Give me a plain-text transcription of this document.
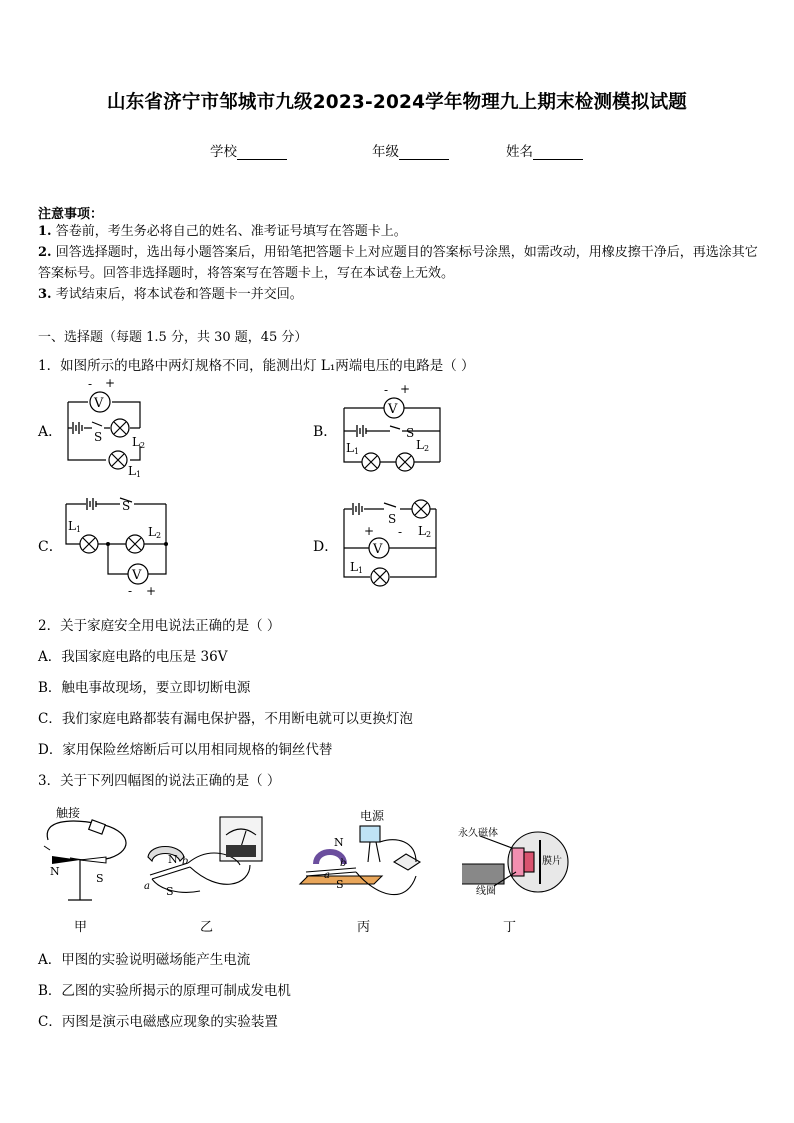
山东省济宁市邹城市九级2023-2024学年物理九上期末检测模拟试题
学校	年级	姓名
注意事项：
1. 答卷前，考生务必将自己的姓名、准考证号填写在答题卡上。
2. 回答选择题时，选出每小题答案后，用铅笔把答题卡上对应题目的答案标号涂黑，如需改动，用橡皮擦干净后，再选涂其它答案标号。回答非选择题时，将答案写在答题卡上，写在本试卷上无效。
3. 考试结束后，将本试卷和答题卡一并交回。
一、选择题（每题 1.5 分，共 30 题，45 分）
1．如图所示的电路中两灯规格不同，能测出灯 L₁两端电压的电路是（ ）
A．	B．
C．	D．
V
- +
S L2
L1
V
- +
S
L1	L2
S
L1	L2
V
- +
S
L2
+ -
V
L1
2．关于家庭安全用电说法正确的是（ ）
A．我国家庭电路的电压是 36V
B．触电事故现场，要立即切断电源
C．我们家庭电路都装有漏电保护器，不用断电就可以更换灯泡
D．家用保险丝熔断后可以用相同规格的铜丝代替
3．关于下列四幅图的说法正确的是（ ）
触接
N
S
N b
a S
电源
N
b
a
S
永久磁体
线圈
膜片
甲	乙	丙	丁
A．甲图的实验说明磁场能产生电流
B．乙图的实验所揭示的原理可制成发电机
C．丙图是演示电磁感应现象的实验装置
